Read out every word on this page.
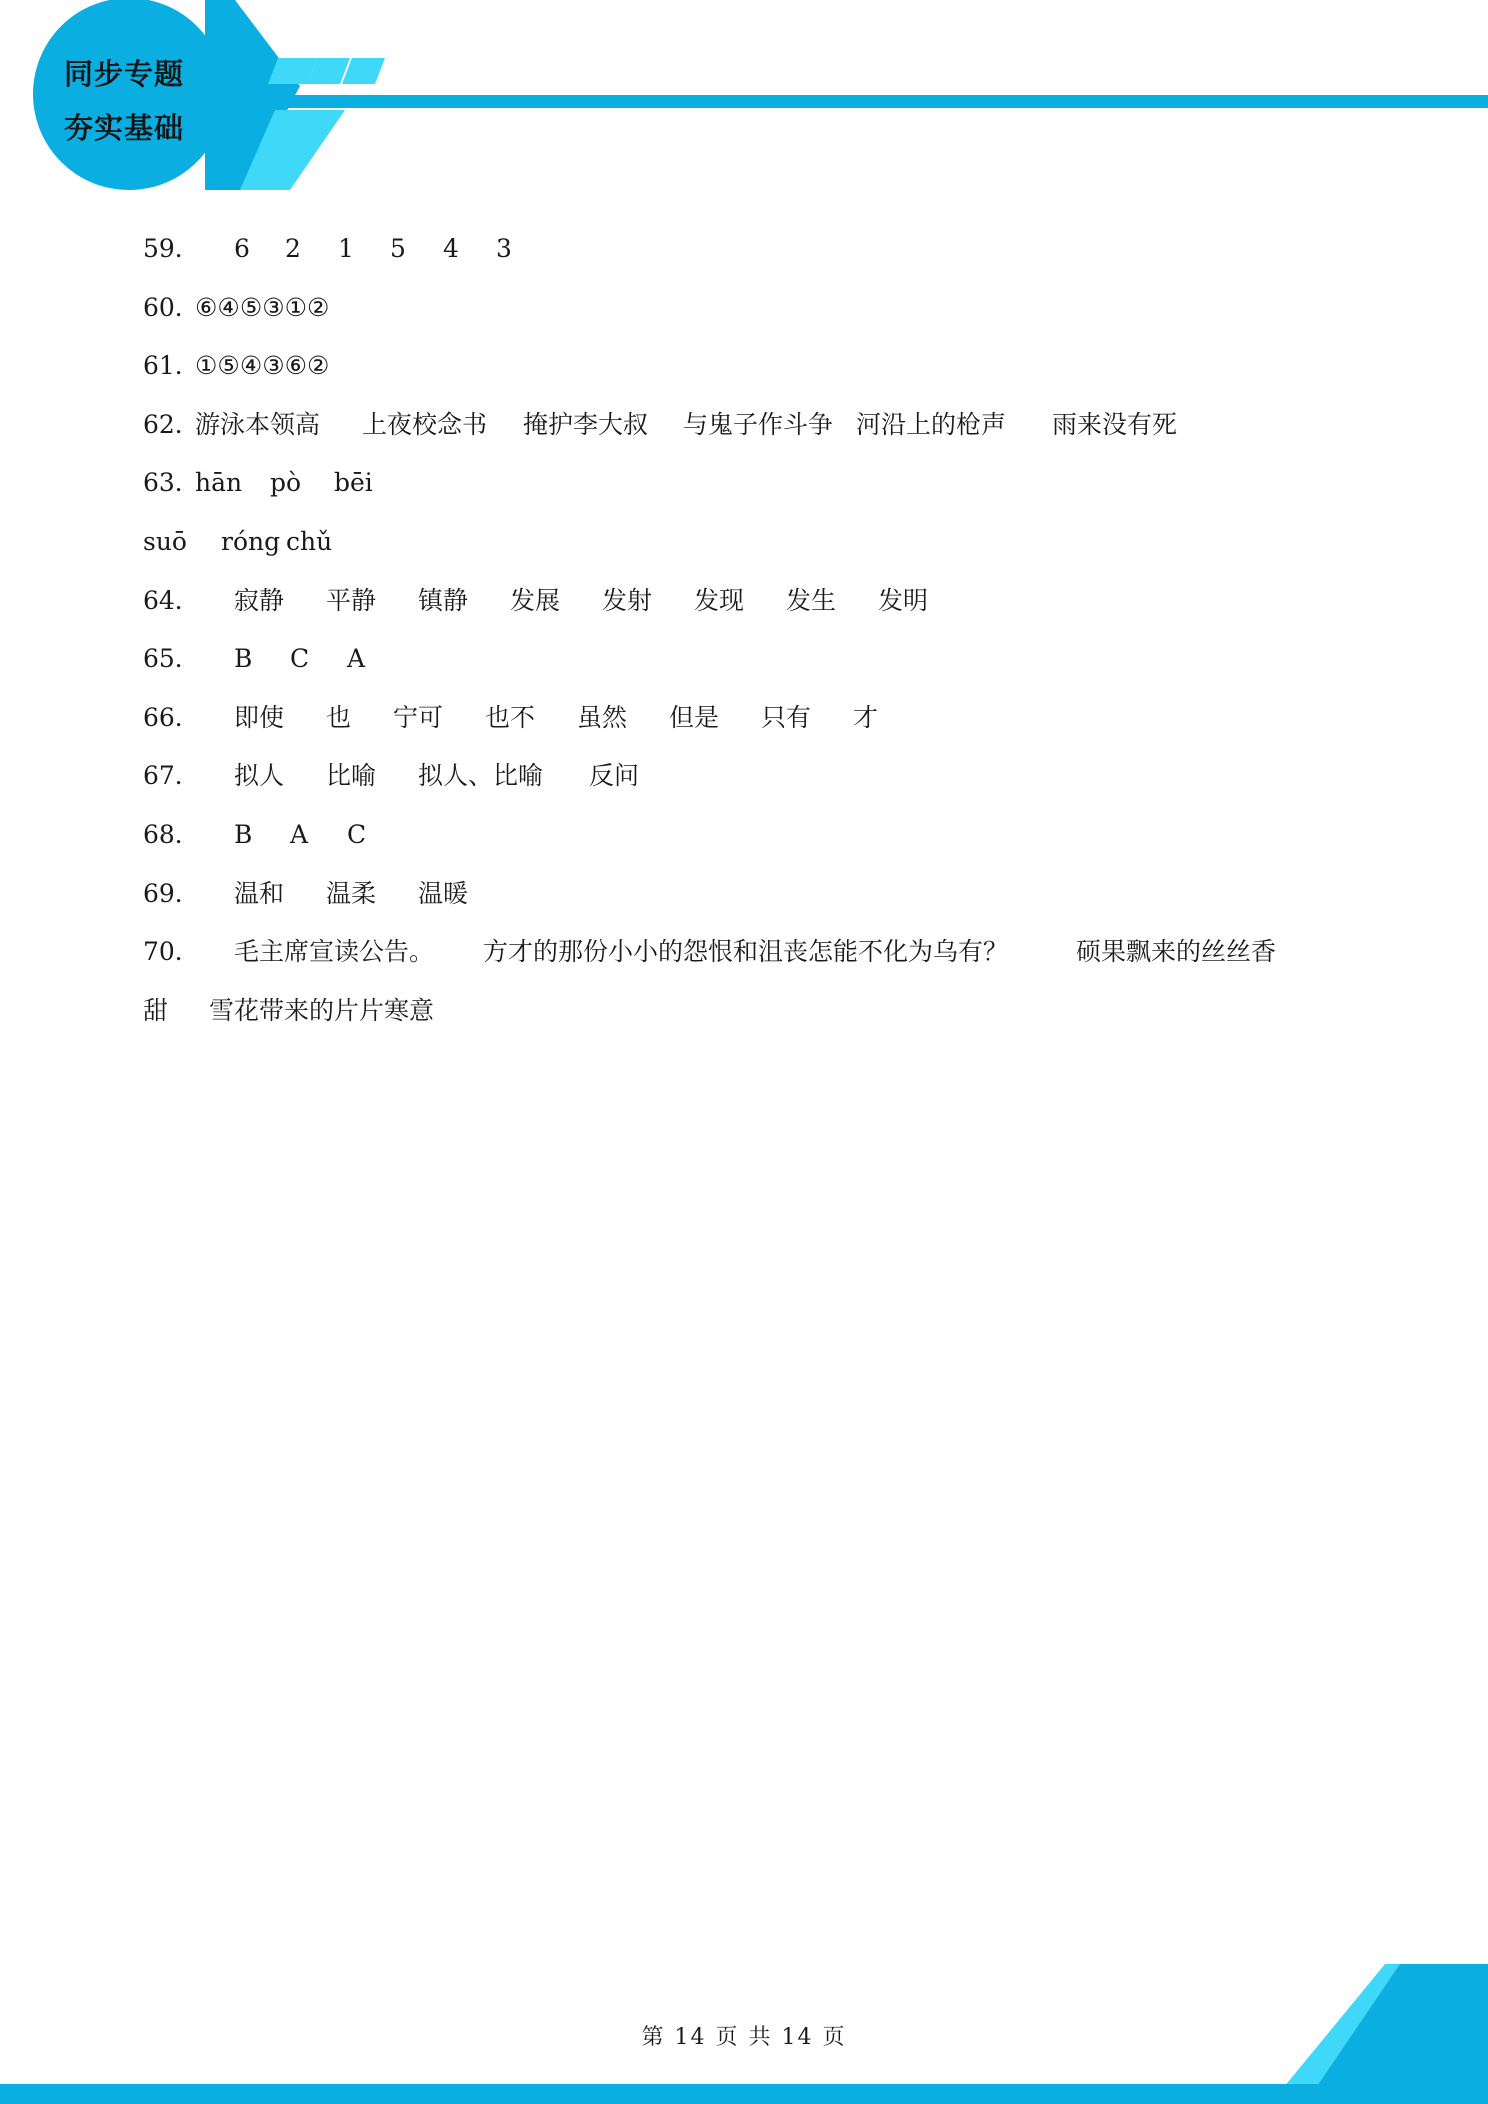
同步专题
夯实基础
59． 6 2 1 5 4 3
60．
⑥④⑤③①②
61．
①⑤④③⑥②
62．
游泳本领高 上夜校念书 掩护李大叔 与鬼子作斗争 河沿上的枪声 雨来没有死
63．
hān pò bēi
suō róng chǔ
64． 寂静 平静 镇静 发展 发射 发现 发生 发明
65． B C A
66． 即使 也 宁可 也不 虽然 但是 只有 才
67． 拟人 比喻 拟人、比喻 反问
68． B A C
69． 温和 温柔 温暖
70． 毛主席宣读公告。 方才的那份小小的怨恨和沮丧怎能不化为乌有？	硕果飘来的丝丝香
甜 雪花带来的片片寒意
第 14 页 共 14 页
